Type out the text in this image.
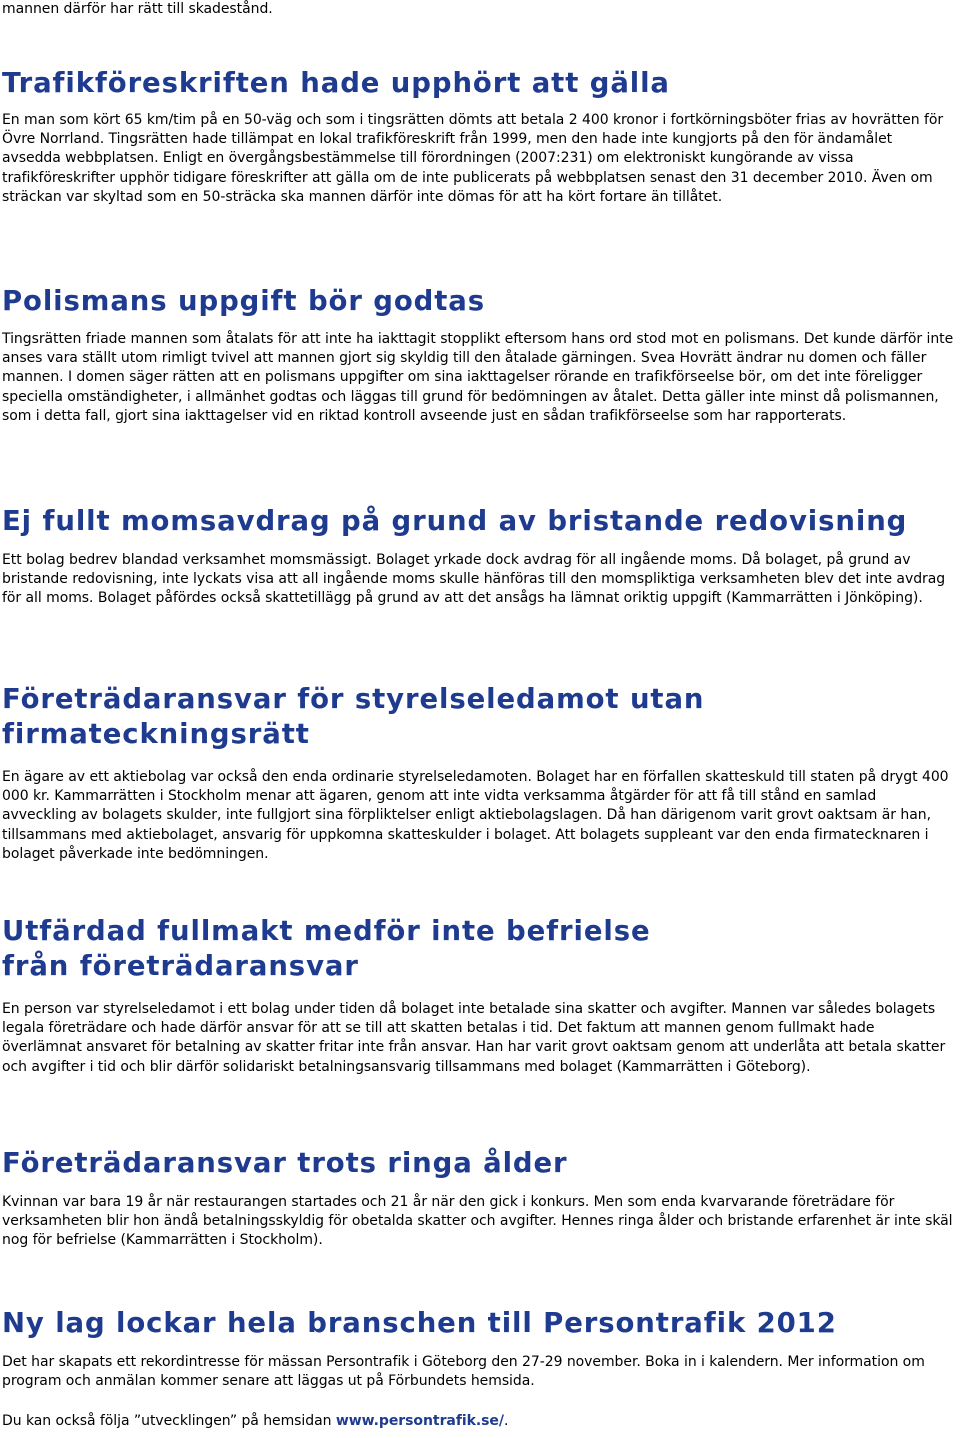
mannen därför har rätt till skadestånd.

Trafikföreskriften hade upphört att gälla

En man som kört 65 km/tim på en 50-väg och som i tingsrätten dömts att betala 2 400 kronor i fortkörningsböter frias av hovrätten för Övre Norrland. Tingsrätten hade tillämpat en lokal trafikföreskrift från 1999, men den hade inte kungjorts på den för ändamålet avsedda webbplatsen. Enligt en övergångsbestämmelse till förordningen (2007:231) om elektroniskt kungörande av vissa trafikföreskrifter upphör tidigare föreskrifter att gälla om de inte publicerats på webbplatsen senast den 31 december 2010. Även om sträckan var skyltad som en 50-sträcka ska mannen därför inte dömas för att ha kört fortare än tillåtet.

Polismans uppgift bör godtas

Tingsrätten friade mannen som åtalats för att inte ha iakttagit stopplikt eftersom hans ord stod mot en polismans. Det kunde därför inte anses vara ställt utom rimligt tvivel att mannen gjort sig skyldig till den åtalade gärningen. Svea Hovrätt ändrar nu domen och fäller mannen. I domen säger rätten att en polismans uppgifter om sina iakttagelser rörande en trafikförseelse bör, om det inte föreligger speciella omständigheter, i allmänhet godtas och läggas till grund för bedömningen av åtalet. Detta gäller inte minst då polismannen, som i detta fall, gjort sina iakttagelser vid en riktad kontroll avseende just en sådan trafikförseelse som har rapporterats.

Ej fullt momsavdrag på grund av bristande redovisning

Ett bolag bedrev blandad verksamhet momsmässigt. Bolaget yrkade dock avdrag för all ingående moms. Då bolaget, på grund av bristande redovisning, inte lyckats visa att all ingående moms skulle hänföras till den momspliktiga verksamheten blev det inte avdrag för all moms. Bolaget påfördes också skattetillägg på grund av att det ansågs ha lämnat oriktig uppgift (Kammarrätten i Jönköping).

Företrädaransvar för styrelseledamot utan firmateckningsrätt

En ägare av ett aktiebolag var också den enda ordinarie styrelseledamoten. Bolaget har en förfallen skatteskuld till staten på drygt 400 000 kr. Kammarrätten i Stockholm menar att ägaren, genom att inte vidta verksamma åtgärder för att få till stånd en samlad avveckling av bolagets skulder, inte fullgjort sina förpliktelser enligt aktiebolagslagen. Då han därigenom varit grovt oaktsam är han, tillsammans med aktiebolaget, ansvarig för uppkomna skatteskulder i bolaget. Att bolagets suppleant var den enda firmatecknaren i bolaget påverkade inte bedömningen.

Utfärdad fullmakt medför inte befrielse från företrädaransvar

En person var styrelseledamot i ett bolag under tiden då bolaget inte betalade sina skatter och avgifter. Mannen var således bolagets legala företrädare och hade därför ansvar för att se till att skatten betalas i tid. Det faktum att mannen genom fullmakt hade överlämnat ansvaret för betalning av skatter fritar inte från ansvar. Han har varit grovt oaktsam genom att underlåta att betala skatter och avgifter i tid och blir därför solidariskt betalningsansvarig tillsammans med bolaget (Kammarrätten i Göteborg).

Företrädaransvar trots ringa ålder

Kvinnan var bara 19 år när restaurangen startades och 21 år när den gick i konkurs. Men som enda kvarvarande företrädare för verksamheten blir hon ändå betalningsskyldig för obetalda skatter och avgifter. Hennes ringa ålder och bristande erfarenhet är inte skäl nog för befrielse (Kammarrätten i Stockholm).

Ny lag lockar hela branschen till Persontrafik 2012

Det har skapats ett rekordintresse för mässan Persontrafik i Göteborg den 27-29 november. Boka in i kalendern. Mer information om program och anmälan kommer senare att läggas ut på Förbundets hemsida.

Du kan också följa ”utvecklingen” på hemsidan www.persontrafik.se/.
